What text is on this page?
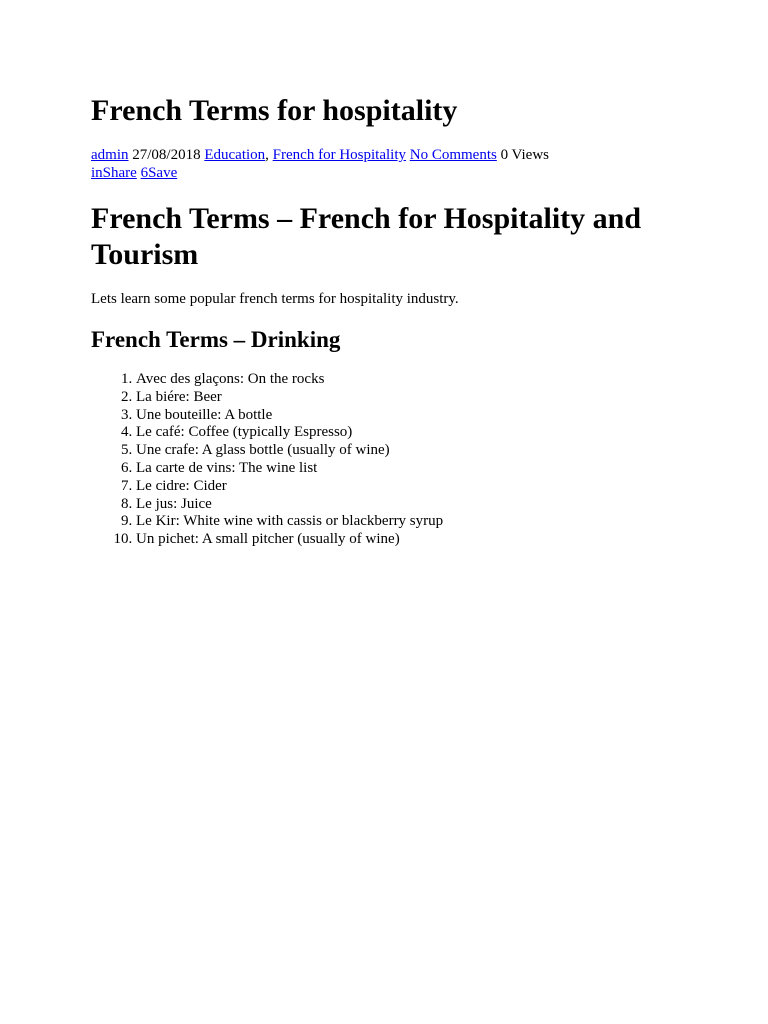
French Terms for hospitality
admin 27/08/2018 Education, French for Hospitality No Comments 0 Views
inShare 6Save
French Terms – French for Hospitality and Tourism

Lets learn some popular french terms for hospitality industry.

French Terms – Drinking
1. Avec des glaçons: On the rocks
2. La biére: Beer
3. Une bouteille: A bottle
4. Le café: Coffee (typically Espresso)
5. Une crafe: A glass bottle (usually of wine)
6. La carte de vins: The wine list
7. Le cidre: Cider
8. Le jus: Juice
9. Le Kir: White wine with cassis or blackberry syrup
10. Un pichet: A small pitcher (usually of wine)
